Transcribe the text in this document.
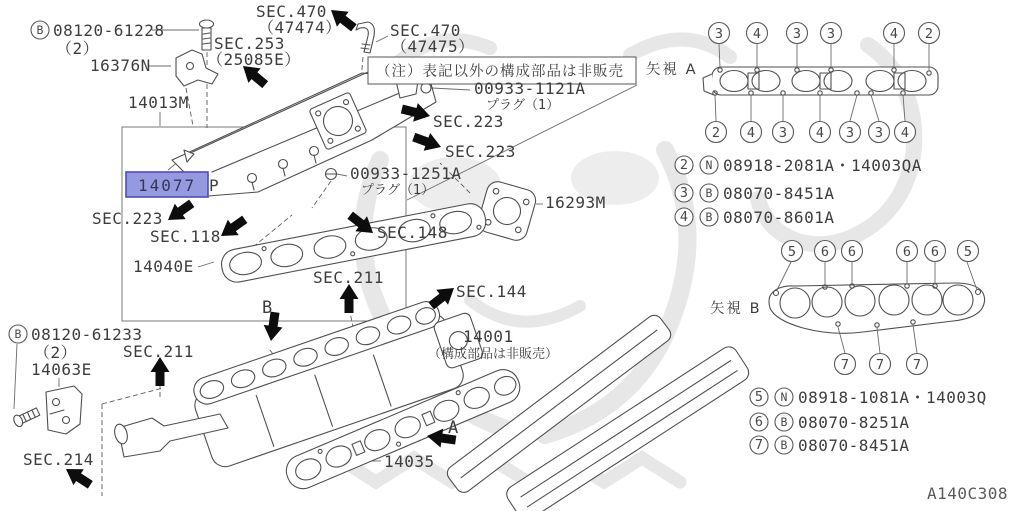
（注）表記以外の構成部品は非販売
B 08120-61228
（2）
16376N
SEC.470
（47474）
SEC.253
（25085E）
SEC.470
（47475）
00933-1121A
プラグ（1）
14013M
14077 P
SEC.223
SEC.118
SEC.223
SEC.223
00933-1251A
プラグ（1）
SEC.148
16293M
14040E
SEC.211
SEC.144
B
B 08120-61233
（2）	SEC.211
14063E
14001
（構成部品は非販売）
14035
A
SEC.214
矢視 A
3 4 3 3	4 2
2 4 3 4 3 3 4
2 N 08918-2081A・14003QA
3 B 08070-8451A
4 B 08070-8601A
矢視 B
5 6 6	6 6 5
7 7 7
5 N 08918-1081A・14003Q
6 B 08070-8251A
7 B 08070-8451A
A140C308
